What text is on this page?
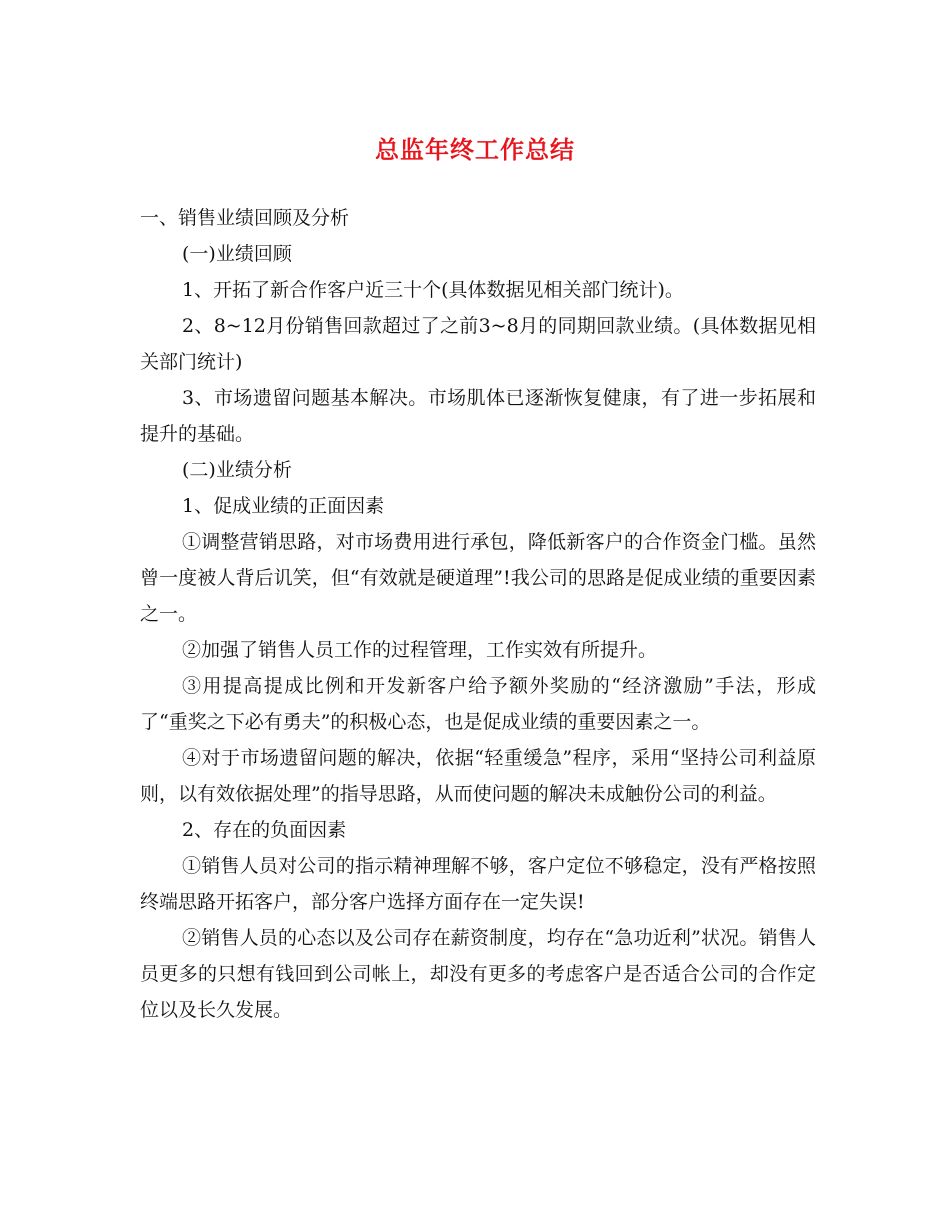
总监年终工作总结

一、销售业绩回顾及分析

(一)业绩回顾

1、开拓了新合作客户近三十个(具体数据见相关部门统计)。

2、8~12月份销售回款超过了之前3~8月的同期回款业绩。(具体数据见相关部门统计)

3、市场遗留问题基本解决。市场肌体已逐渐恢复健康，有了进一步拓展和提升的基础。

(二)业绩分析

1、促成业绩的正面因素

①调整营销思路，对市场费用进行承包，降低新客户的合作资金门槛。虽然曾一度被人背后讥笑，但“有效就是硬道理”!我公司的思路是促成业绩的重要因素之一。

②加强了销售人员工作的过程管理，工作实效有所提升。

③用提高提成比例和开发新客户给予额外奖励的“经济激励”手法，形成了“重奖之下必有勇夫”的积极心态，也是促成业绩的重要因素之一。

④对于市场遗留问题的解决，依据“轻重缓急”程序，采用“坚持公司利益原则，以有效依据处理”的指导思路，从而使问题的解决未成触份公司的利益。

2、存在的负面因素

①销售人员对公司的指示精神理解不够，客户定位不够稳定，没有严格按照终端思路开拓客户，部分客户选择方面存在一定失误!

②销售人员的心态以及公司存在薪资制度，均存在“急功近利”状况。销售人员更多的只想有钱回到公司帐上，却没有更多的考虑客户是否适合公司的合作定位以及长久发展。
